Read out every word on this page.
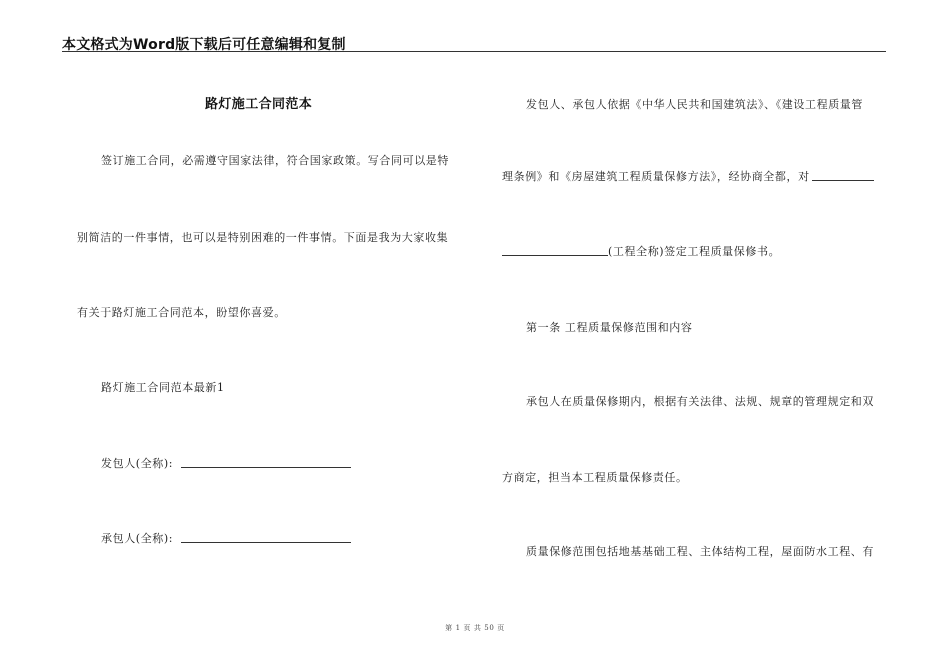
本文格式为Word版下载后可任意编辑和复制
路灯施工合同范本
签订施工合同，必需遵守国家法律，符合国家政策。写合同可以是特
别简洁的一件事情，也可以是特别困难的一件事情。下面是我为大家收集
有关于路灯施工合同范本，盼望你喜爱。
路灯施工合同范本最新1
发包人(全称):
承包人(全称):
发包人、承包人依据《中华人民共和国建筑法》、《建设工程质量管
理条例》和《房屋建筑工程质量保修方法》，经协商全都，对
(工程全称)签定工程质量保修书。
第一条 工程质量保修范围和内容
承包人在质量保修期内，根据有关法律、法规、规章的管理规定和双
方商定，担当本工程质量保修责任。
质量保修范围包括地基基础工程、主体结构工程，屋面防水工程、有
第 1 页 共 50 页
